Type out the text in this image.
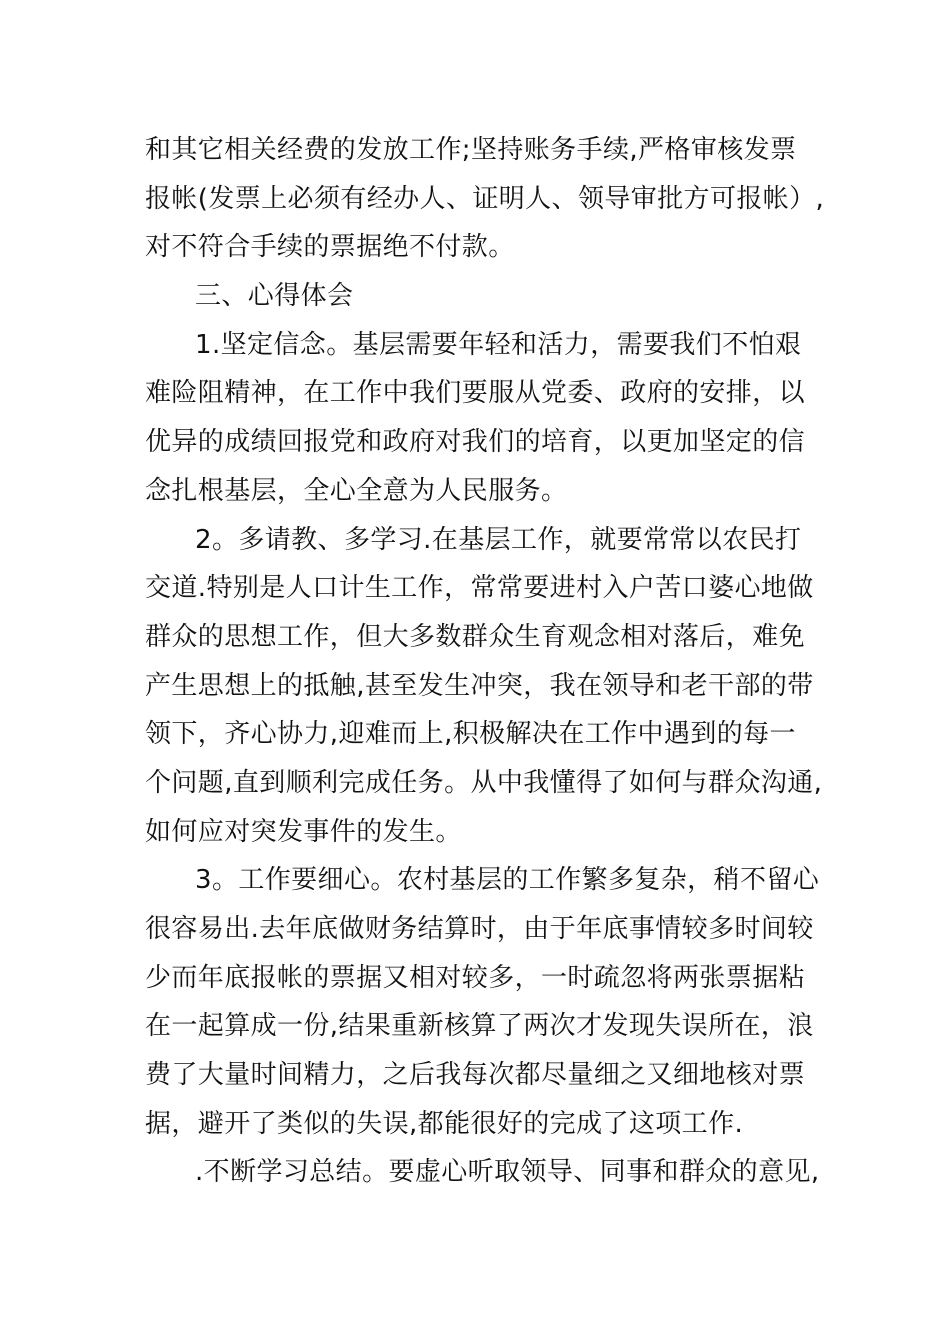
和其它相关经费的发放工作;坚持账务手续,严格审核发票
报帐(发票上必须有经办人、证明人、领导审批方可报帐）,
对不符合手续的票据绝不付款。
三、心得体会
1.坚定信念。基层需要年轻和活力，需要我们不怕艰
难险阻精神，在工作中我们要服从党委、政府的安排，以
优异的成绩回报党和政府对我们的培育，以更加坚定的信
念扎根基层，全心全意为人民服务。
2。多请教、多学习.在基层工作，就要常常以农民打
交道.特别是人口计生工作，常常要进村入户苦口婆心地做
群众的思想工作，但大多数群众生育观念相对落后，难免
产生思想上的抵触,甚至发生冲突，我在领导和老干部的带
领下，齐心协力,迎难而上,积极解决在工作中遇到的每一
个问题,直到顺利完成任务。从中我懂得了如何与群众沟通,
如何应对突发事件的发生。
3。工作要细心。农村基层的工作繁多复杂，稍不留心
很容易出.去年底做财务结算时，由于年底事情较多时间较
少而年底报帐的票据又相对较多，一时疏忽将两张票据粘
在一起算成一份,结果重新核算了两次才发现失误所在，浪
费了大量时间精力，之后我每次都尽量细之又细地核对票
据，避开了类似的失误,都能很好的完成了这项工作.
.不断学习总结。要虚心听取领导、同事和群众的意见,
